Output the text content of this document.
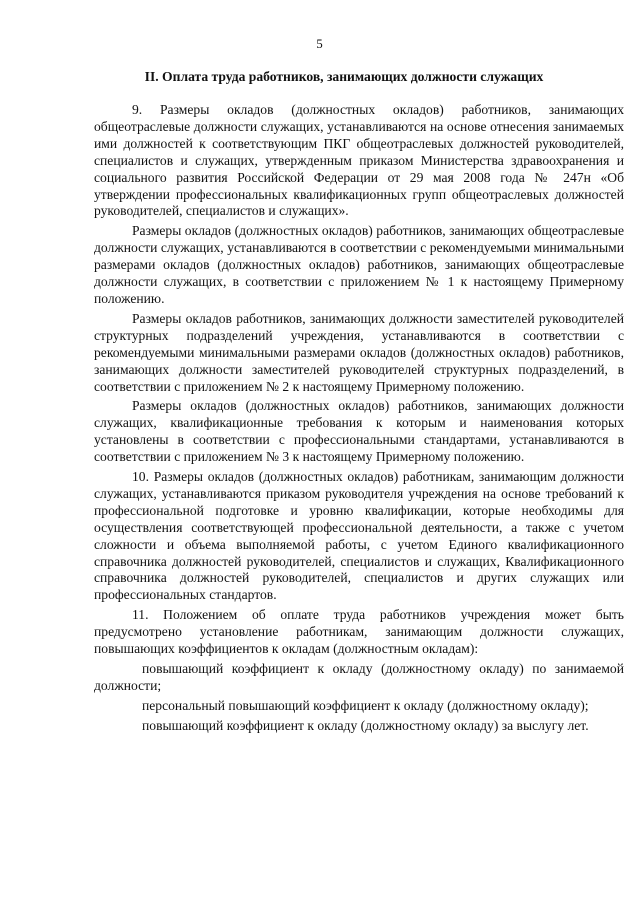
5
II. Оплата труда работников, занимающих должности служащих

9. Размеры окладов (должностных окладов) работников, занимающих общеотраслевые должности служащих, устанавливаются на основе отнесения занимаемых ими должностей к соответствующим ПКГ общеотраслевых должностей руководителей, специалистов и служащих, утвержденным приказом Министерства здравоохранения и социального развития Российской Федерации от 29 мая 2008 года № 247н «Об утверждении профессиональных квалификационных групп общеотраслевых должностей руководителей, специалистов и служащих».

Размеры окладов (должностных окладов) работников, занимающих общеотраслевые должности служащих, устанавливаются в соответствии с рекомендуемыми минимальными размерами окладов (должностных окладов) работников, занимающих общеотраслевые должности служащих, в соответствии с приложением № 1 к настоящему Примерному положению.

Размеры окладов работников, занимающих должности заместителей руководителей структурных подразделений учреждения, устанавливаются в соответствии с рекомендуемыми минимальными размерами окладов (должностных окладов) работников, занимающих должности заместителей руководителей структурных подразделений, в соответствии с приложением № 2 к настоящему Примерному положению.

Размеры окладов (должностных окладов) работников, занимающих должности служащих, квалификационные требования к которым и наименования которых установлены в соответствии с профессиональными стандартами, устанавливаются в соответствии с приложением № 3 к настоящему Примерному положению.

10. Размеры окладов (должностных окладов) работникам, занимающим должности служащих, устанавливаются приказом руководителя учреждения на основе требований к профессиональной подготовке и уровню квалификации, которые необходимы для осуществления соответствующей профессиональной деятельности, а также с учетом сложности и объема выполняемой работы, с учетом Единого квалификационного справочника должностей руководителей, специалистов и служащих, Квалификационного справочника должностей руководителей, специалистов и других служащих или профессиональных стандартов.

11. Положением об оплате труда работников учреждения может быть предусмотрено установление работникам, занимающим должности служащих, повышающих коэффициентов к окладам (должностным окладам):

повышающий коэффициент к окладу (должностному окладу) по занимаемой должности;

персональный повышающий коэффициент к окладу (должностному окладу);

повышающий коэффициент к окладу (должностному окладу) за выслугу лет.
